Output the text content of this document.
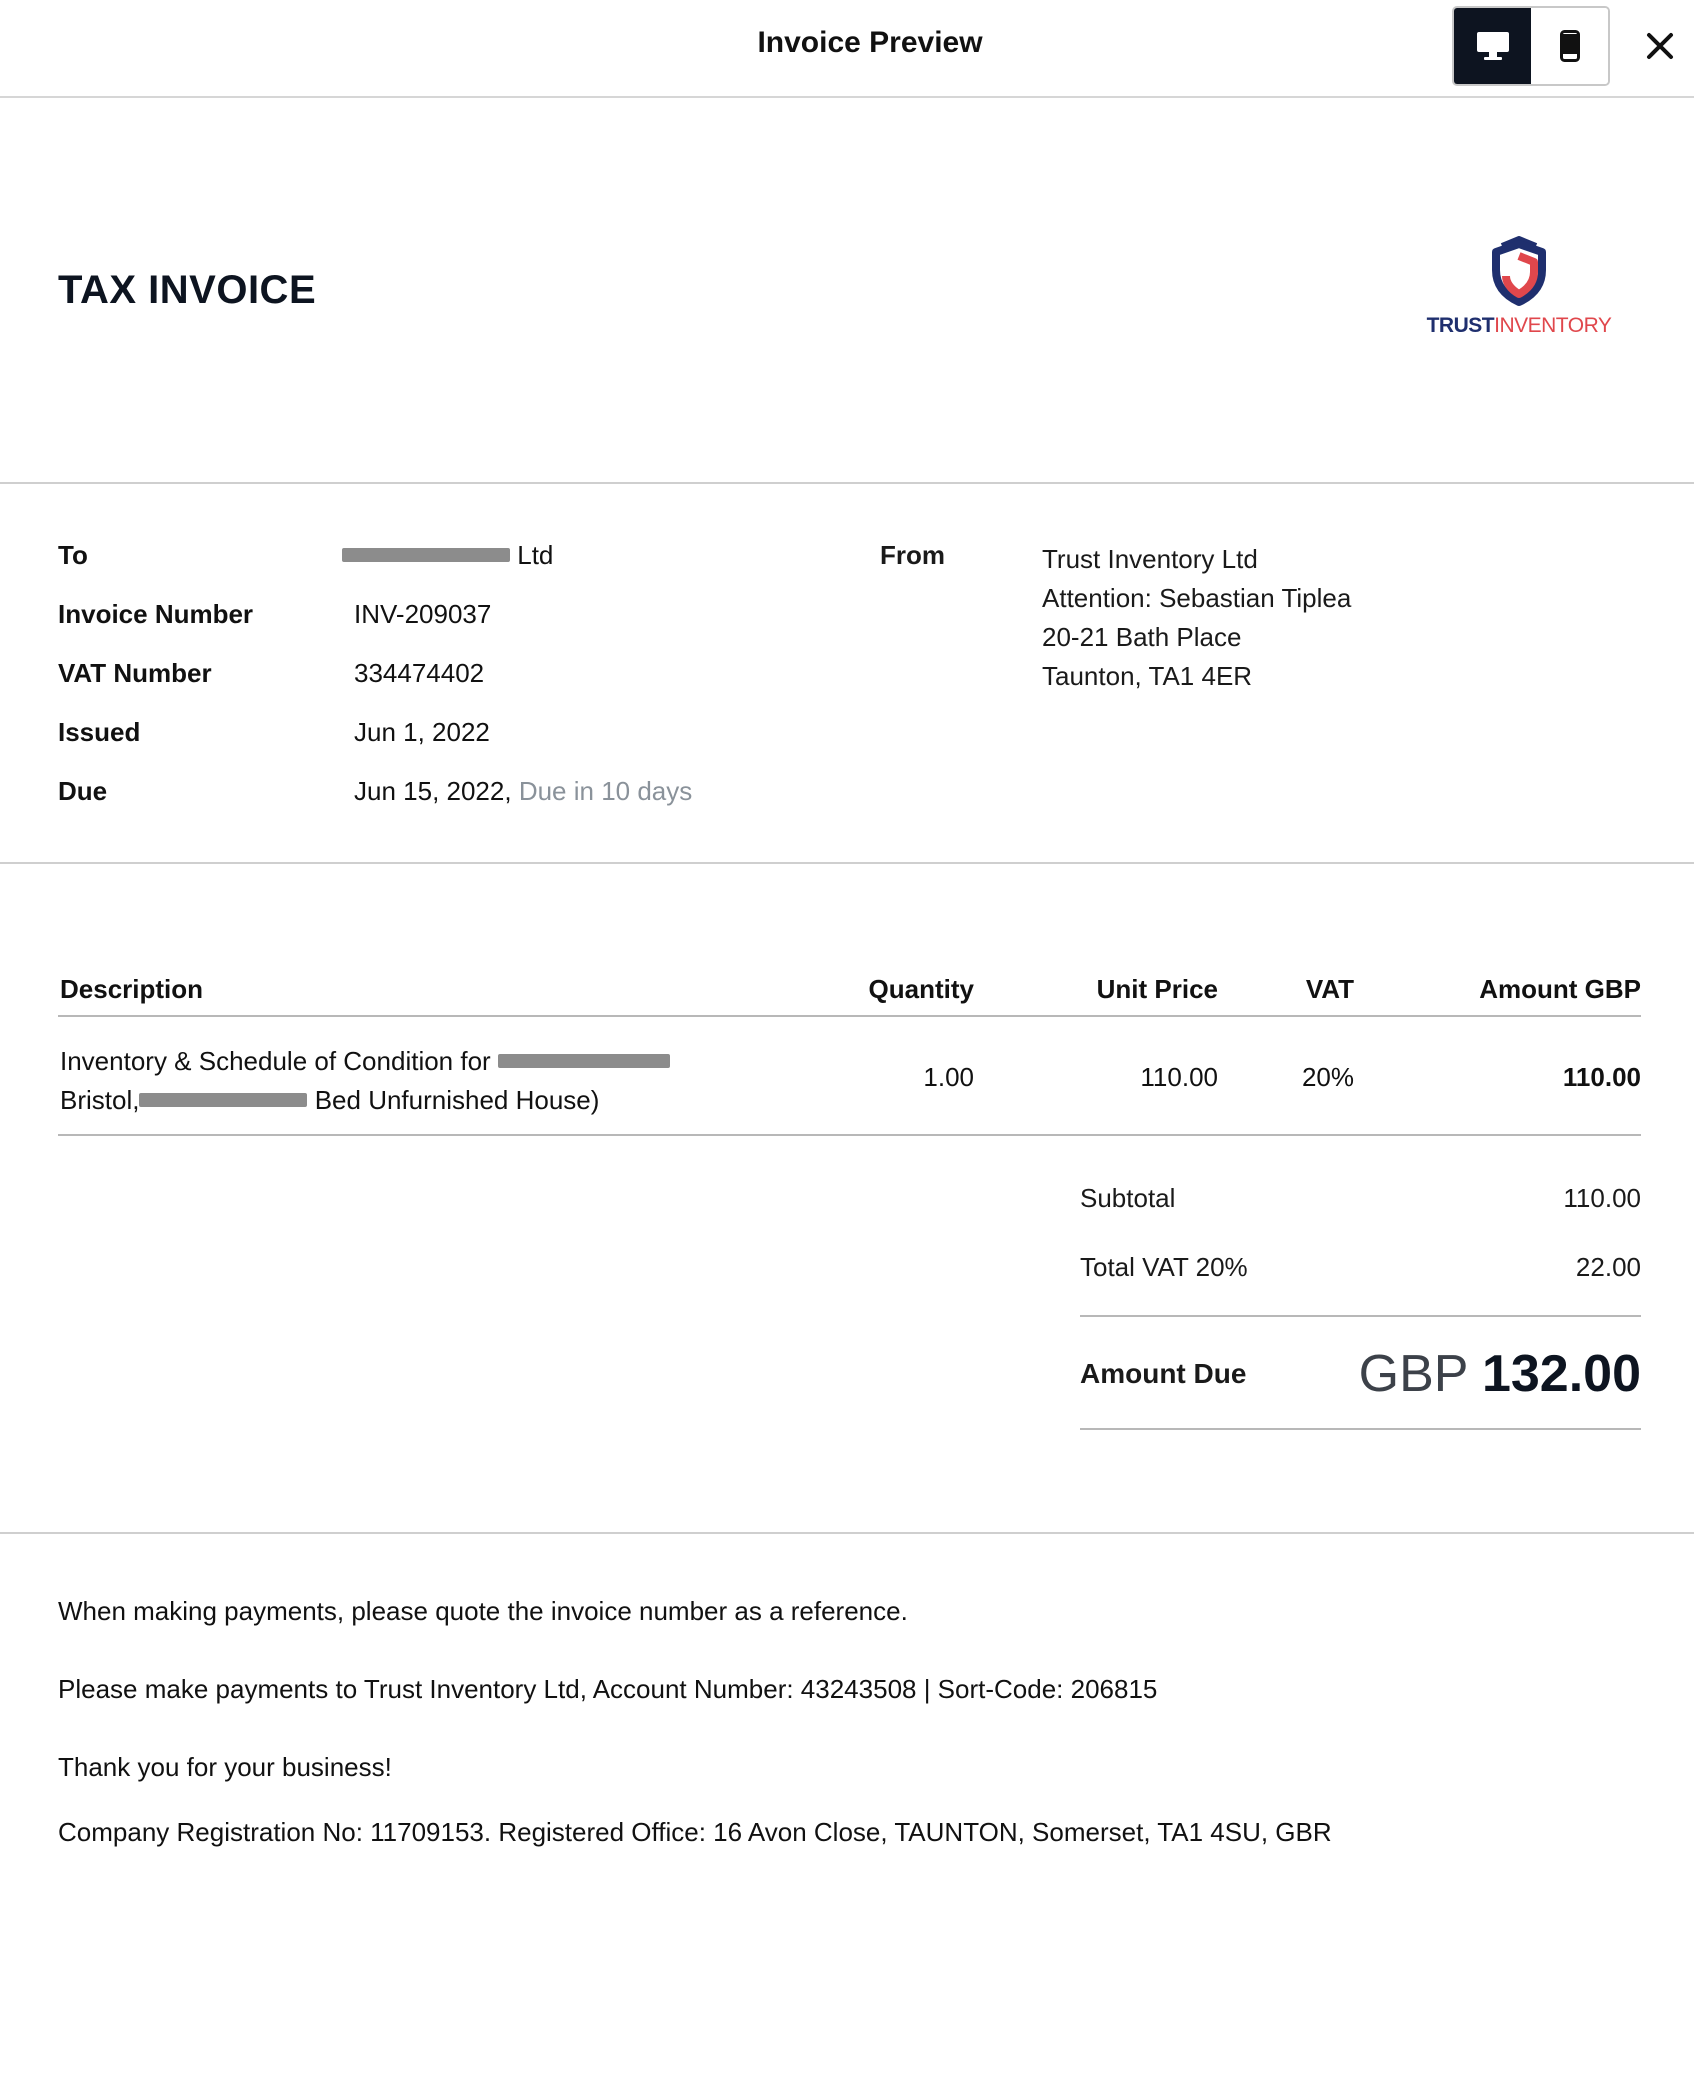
Invoice Preview
TAX INVOICE
TRUSTINVENTORY
To	Ltd
Invoice Number	INV-209037
VAT Number	334474402
Issued	Jun 1, 2022
Due	Jun 15, 2022, Due in 10 days
From	Trust Inventory Ltd
Attention: Sebastian Tiplea
20-21 Bath Place
Taunton, TA1 4ER
Description	Quantity	Unit Price	VAT	Amount GBP
Inventory & Schedule of Condition for
Bristol,	Bed Unfurnished House)
1.00	110.00	20%	110.00
Subtotal	110.00
Total VAT 20%	22.00
Amount Due GBP 132.00
When making payments, please quote the invoice number as a reference.
Please make payments to Trust Inventory Ltd, Account Number: 43243508 | Sort-Code: 206815
Thank you for your business!
Company Registration No: 11709153. Registered Office: 16 Avon Close, TAUNTON, Somerset, TA1 4SU, GBR
